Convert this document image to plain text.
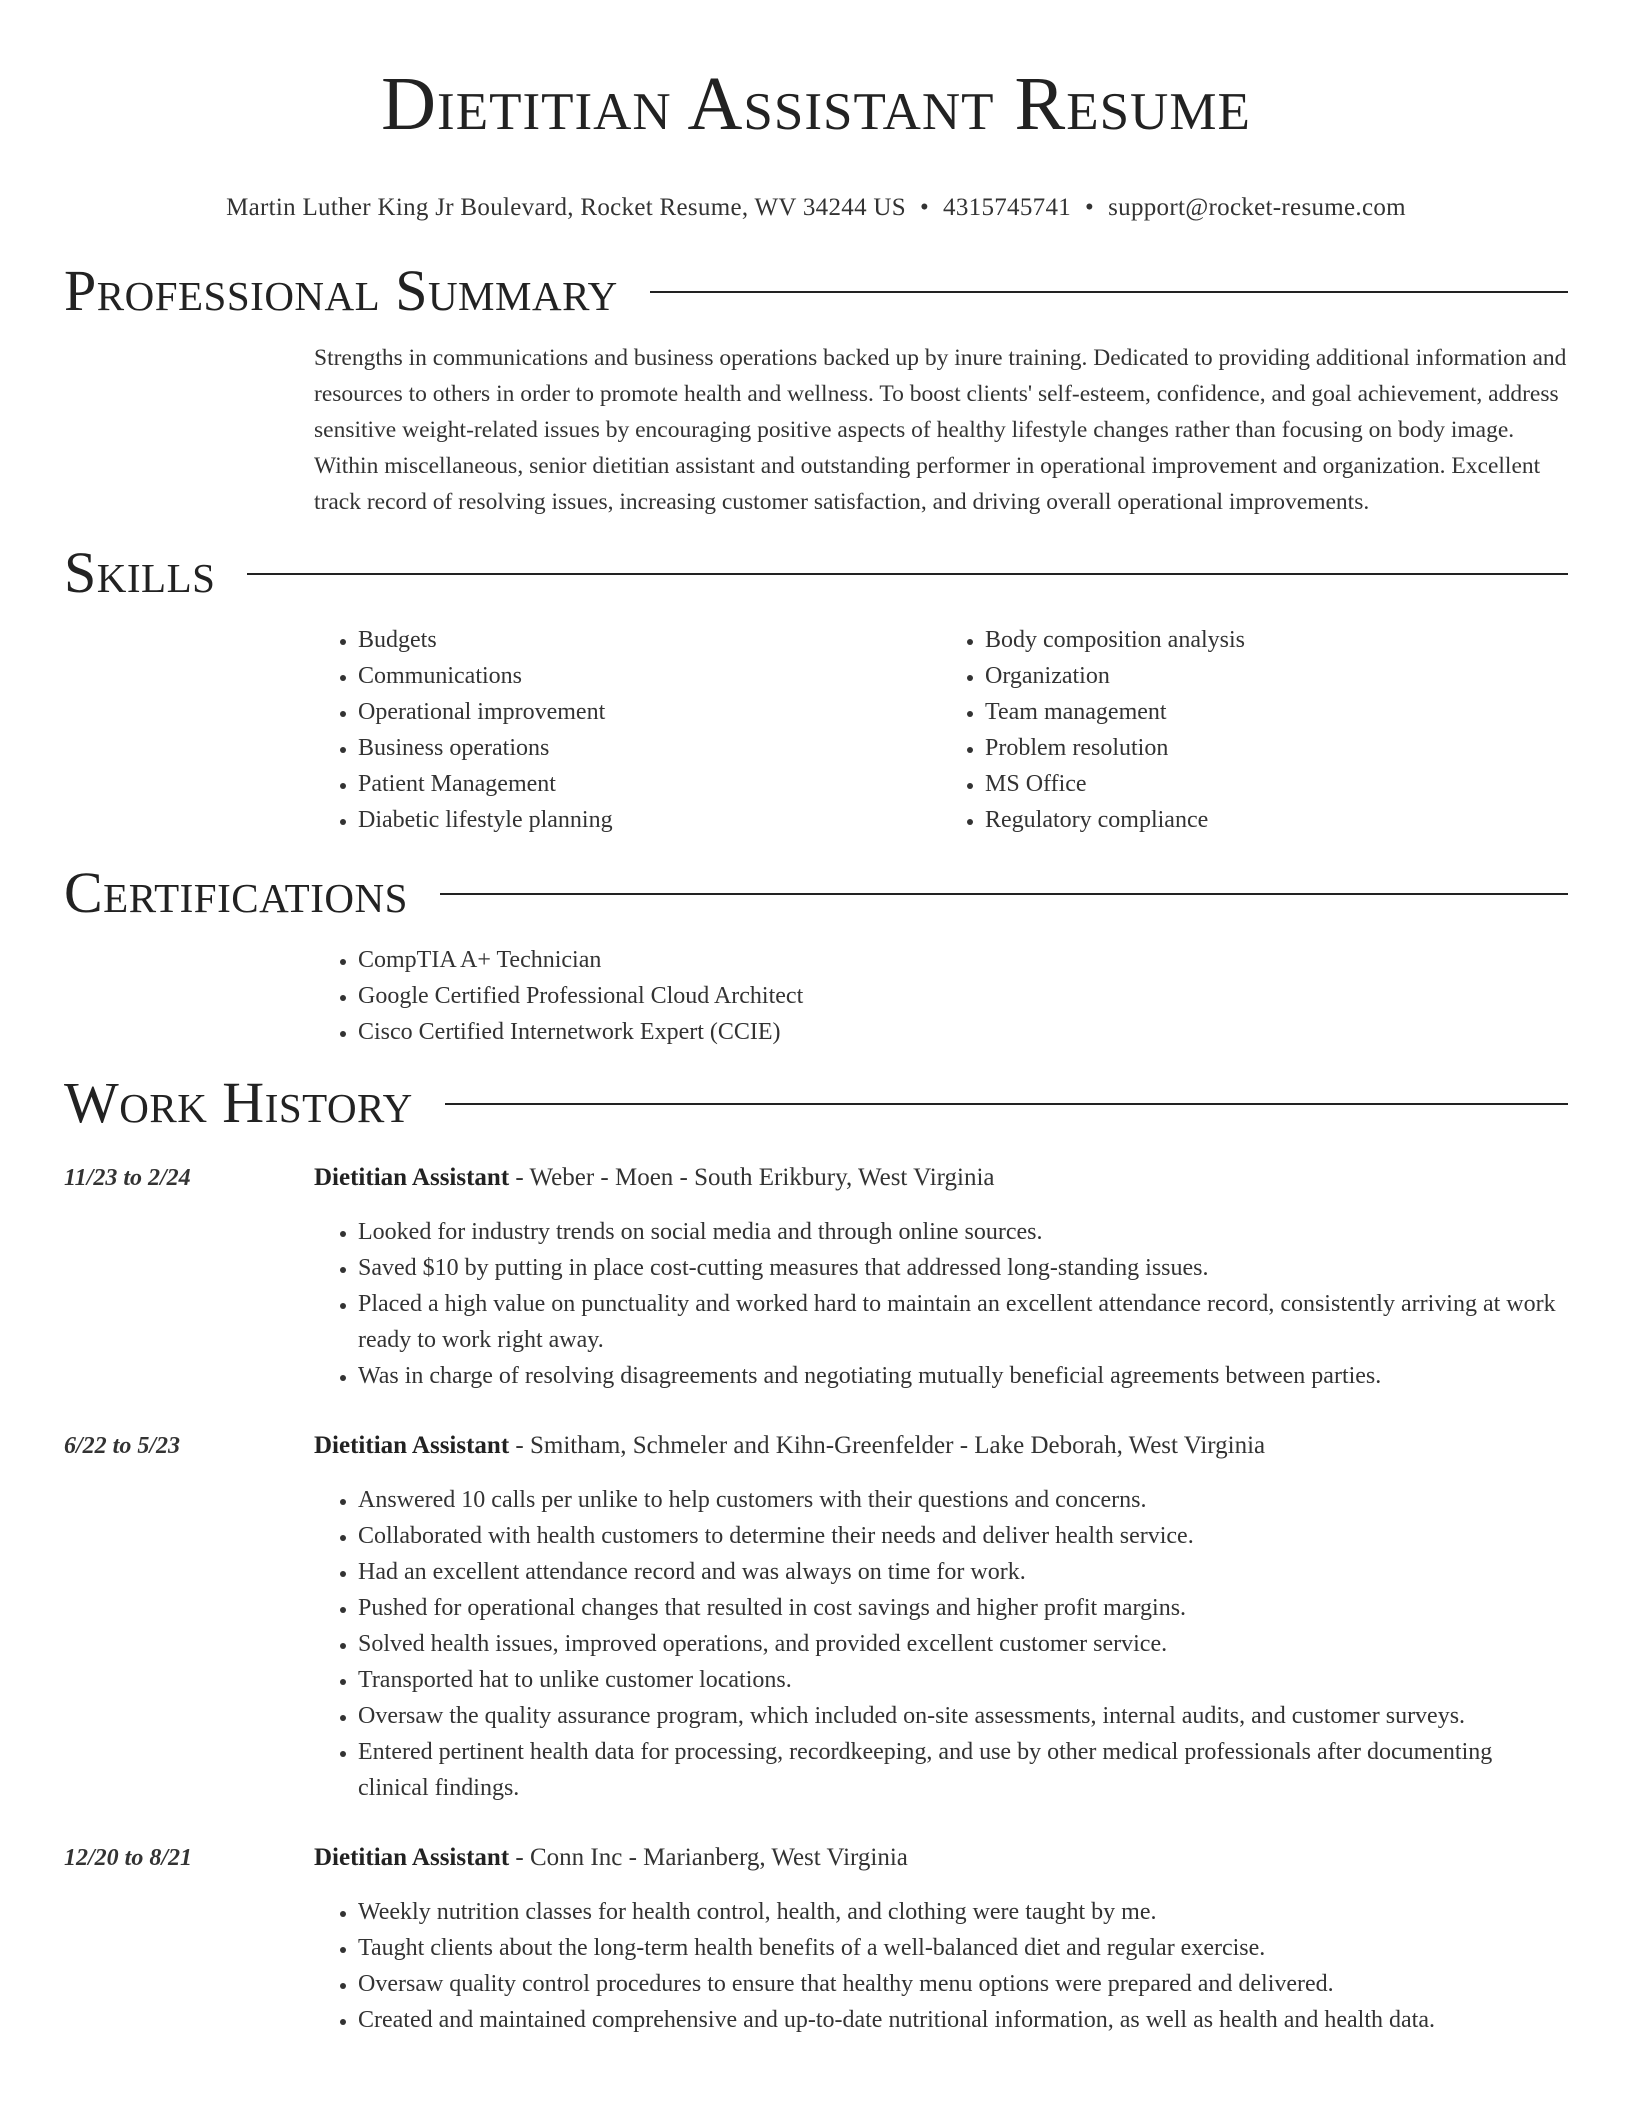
Dietitian Assistant Resume
Martin Luther King Jr Boulevard, Rocket Resume, WV 34244 US • 4315745741 • support@rocket-resume.com
Professional Summary
Strengths in communications and business operations backed up by inure training. Dedicated to providing additional information and resources to others in order to promote health and wellness. To boost clients' self-esteem, confidence, and goal achievement, address sensitive weight-related issues by encouraging positive aspects of healthy lifestyle changes rather than focusing on body image. Within miscellaneous, senior dietitian assistant and outstanding performer in operational improvement and organization. Excellent track record of resolving issues, increasing customer satisfaction, and driving overall operational improvements.
Skills
• Budgets
• Communications
• Operational improvement
• Business operations
• Patient Management
• Diabetic lifestyle planning
• Body composition analysis
• Organization
• Team management
• Problem resolution
• MS Office
• Regulatory compliance
Certifications
• CompTIA A+ Technician
• Google Certified Professional Cloud Architect
• Cisco Certified Internetwork Expert (CCIE)
Work History
11/23 to 2/24	Dietitian Assistant - Weber - Moen - South Erikbury, West Virginia
• Looked for industry trends on social media and through online sources.
• Saved $10 by putting in place cost-cutting measures that addressed long-standing issues.
• Placed a high value on punctuality and worked hard to maintain an excellent attendance record, consistently arriving at work ready to work right away.
• Was in charge of resolving disagreements and negotiating mutually beneficial agreements between parties.
6/22 to 5/23	Dietitian Assistant - Smitham, Schmeler and Kihn-Greenfelder - Lake Deborah, West Virginia
• Answered 10 calls per unlike to help customers with their questions and concerns.
• Collaborated with health customers to determine their needs and deliver health service.
• Had an excellent attendance record and was always on time for work.
• Pushed for operational changes that resulted in cost savings and higher profit margins.
• Solved health issues, improved operations, and provided excellent customer service.
• Transported hat to unlike customer locations.
• Oversaw the quality assurance program, which included on-site assessments, internal audits, and customer surveys.
• Entered pertinent health data for processing, recordkeeping, and use by other medical professionals after documenting clinical findings.
12/20 to 8/21	Dietitian Assistant - Conn Inc - Marianberg, West Virginia
• Weekly nutrition classes for health control, health, and clothing were taught by me.
• Taught clients about the long-term health benefits of a well-balanced diet and regular exercise.
• Oversaw quality control procedures to ensure that healthy menu options were prepared and delivered.
• Created and maintained comprehensive and up-to-date nutritional information, as well as health and health data.
